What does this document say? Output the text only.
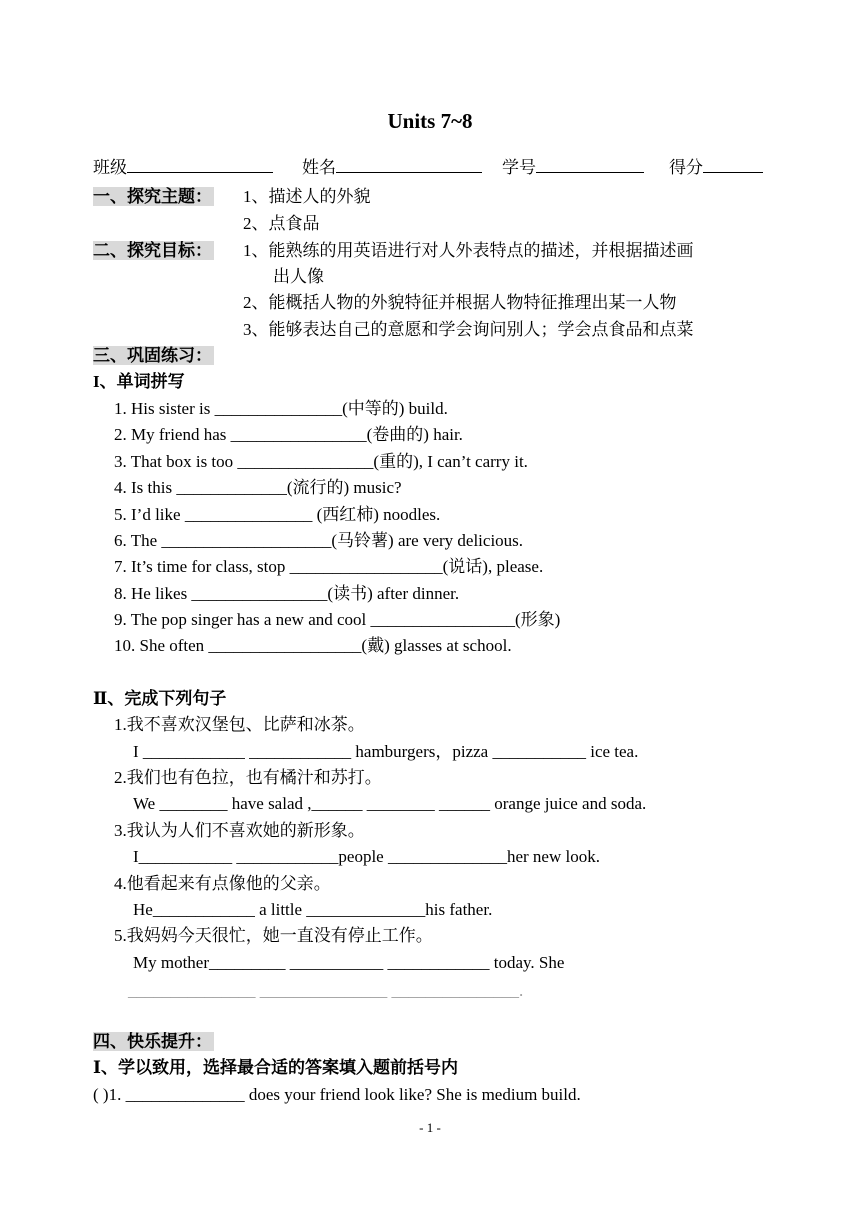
Units 7~8
班级	姓名	学号	得分
一、探究主题： 1、描述人的外貌
2、点食品
二、探究目标： 1、能熟练的用英语进行对人外表特点的描述，并根据描述画
出人像
2、能概括人物的外貌特征并根据人物特征推理出某一人物
3、能够表达自己的意愿和学会询问别人；学会点食品和点菜
三、巩固练习：
I、单词拼写
1. His sister is _______________(中等的) build.
2. My friend has ________________(卷曲的) hair.
3. That box is too ________________(重的), I can’t carry it.
4. Is this _____________(流行的) music?
5. I’d like _______________ (西红柿) noodles.
6. The ____________________(马铃薯) are very delicious.
7. It’s time for class, stop __________________(说话), please.
8. He likes ________________(读书) after dinner.
9. The pop singer has a new and cool _________________(形象)
10. She often __________________(戴) glasses at school.
Ⅱ、完成下列句子
1.我不喜欢汉堡包、比萨和冰茶。
I ____________ ____________ hamburgers，pizza ___________ ice tea.
2.我们也有色拉，也有橘汁和苏打。
We ________ have salad ,______ ________ ______ orange juice and soda.
3.我认为人们不喜欢她的新形象。
I___________ ____________people ______________her new look.
4.他看起来有点像他的父亲。
He____________ a little ______________his father.
5.我妈妈今天很忙，她一直没有停止工作。
My mother_________ ___________ ____________ today. She
_______________ _______________ _______________.
四、快乐提升：
Ⅰ、学以致用，选择最合适的答案填入题前括号内
( )1. ______________ does your friend look like? She is medium build.
- 1 -
